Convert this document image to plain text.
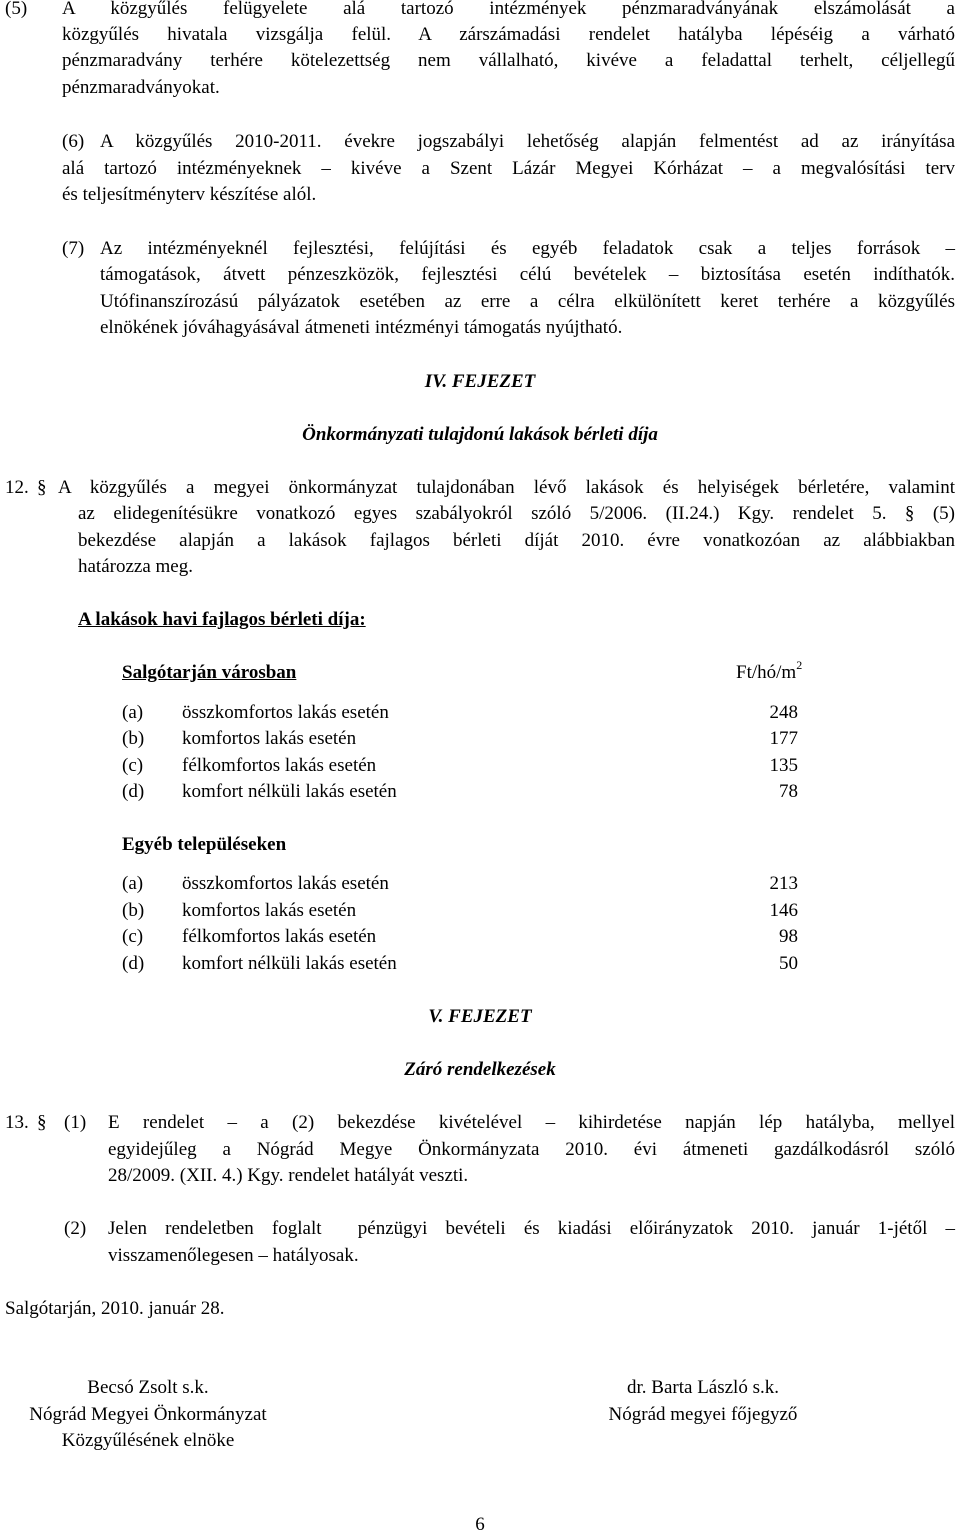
(5) A közgyűlés felügyelete alá tartozó intézmények pénzmaradványának elszámolását a
közgyűlés hivatala vizsgálja felül. A zárszámadási rendelet hatályba lépéséig a várható
pénzmaradvány terhére kötelezettség nem vállalható, kivéve a feladattal terhelt, céljellegű
pénzmaradványokat.
(6) A közgyűlés 2010-2011. évekre jogszabályi lehetőség alapján felmentést ad az irányítása
alá tartozó intézményeknek – kivéve a Szent Lázár Megyei Kórházat – a megvalósítási terv
és teljesítményterv készítése alól.
(7) Az intézményeknél fejlesztési, felújítási és egyéb feladatok csak a teljes források –
támogatások, átvett pénzeszközök, fejlesztési célú bevételek – biztosítása esetén indíthatók.
Utófinanszírozású pályázatok esetében az erre a célra elkülönített keret terhére a közgyűlés
elnökének jóváhagyásával átmeneti intézményi támogatás nyújtható.
IV. FEJEZET
Önkormányzati tulajdonú lakások bérleti díja
12. § A közgyűlés a megyei önkormányzat tulajdonában lévő lakások és helyiségek bérletére, valamint
az elidegenítésükre vonatkozó egyes szabályokról szóló 5/2006. (II.24.) Kgy. rendelet 5. § (5)
bekezdése alapján a lakások fajlagos bérleti díját 2010. évre vonatkozóan az alábbiakban
határozza meg.
A lakások havi fajlagos bérleti díja:
Salgótarján városban	$Ft/hó/m^2$
(a) összkomfortos lakás esetén	248
(b) komfortos lakás esetén	177
(c) félkomfortos lakás esetén	135
(d) komfort nélküli lakás esetén	78
Egyéb településeken
(a) összkomfortos lakás esetén	213
(b) komfortos lakás esetén	146
(c) félkomfortos lakás esetén	98
(d) komfort nélküli lakás esetén	50
V. FEJEZET
Záró rendelkezések
13. § (1) E rendelet – a (2) bekezdése kivételével – kihirdetése napján lép hatályba, mellyel
egyidejűleg a Nógrád Megye Önkormányzata 2010. évi átmeneti gazdálkodásról szóló
28/2009. (XII. 4.) Kgy. rendelet hatályát veszti.
(2) Jelen rendeletben foglalt  pénzügyi bevételi és kiadási előirányzatok 2010. január 1-jétől –
visszamenőlegesen – hatályosak.
Salgótarján, 2010. január 28.
Becsó Zsolt s.k.
Nógrád Megyei Önkormányzat
Közgyűlésének elnöke
dr. Barta László s.k.
Nógrád megyei főjegyző
6
